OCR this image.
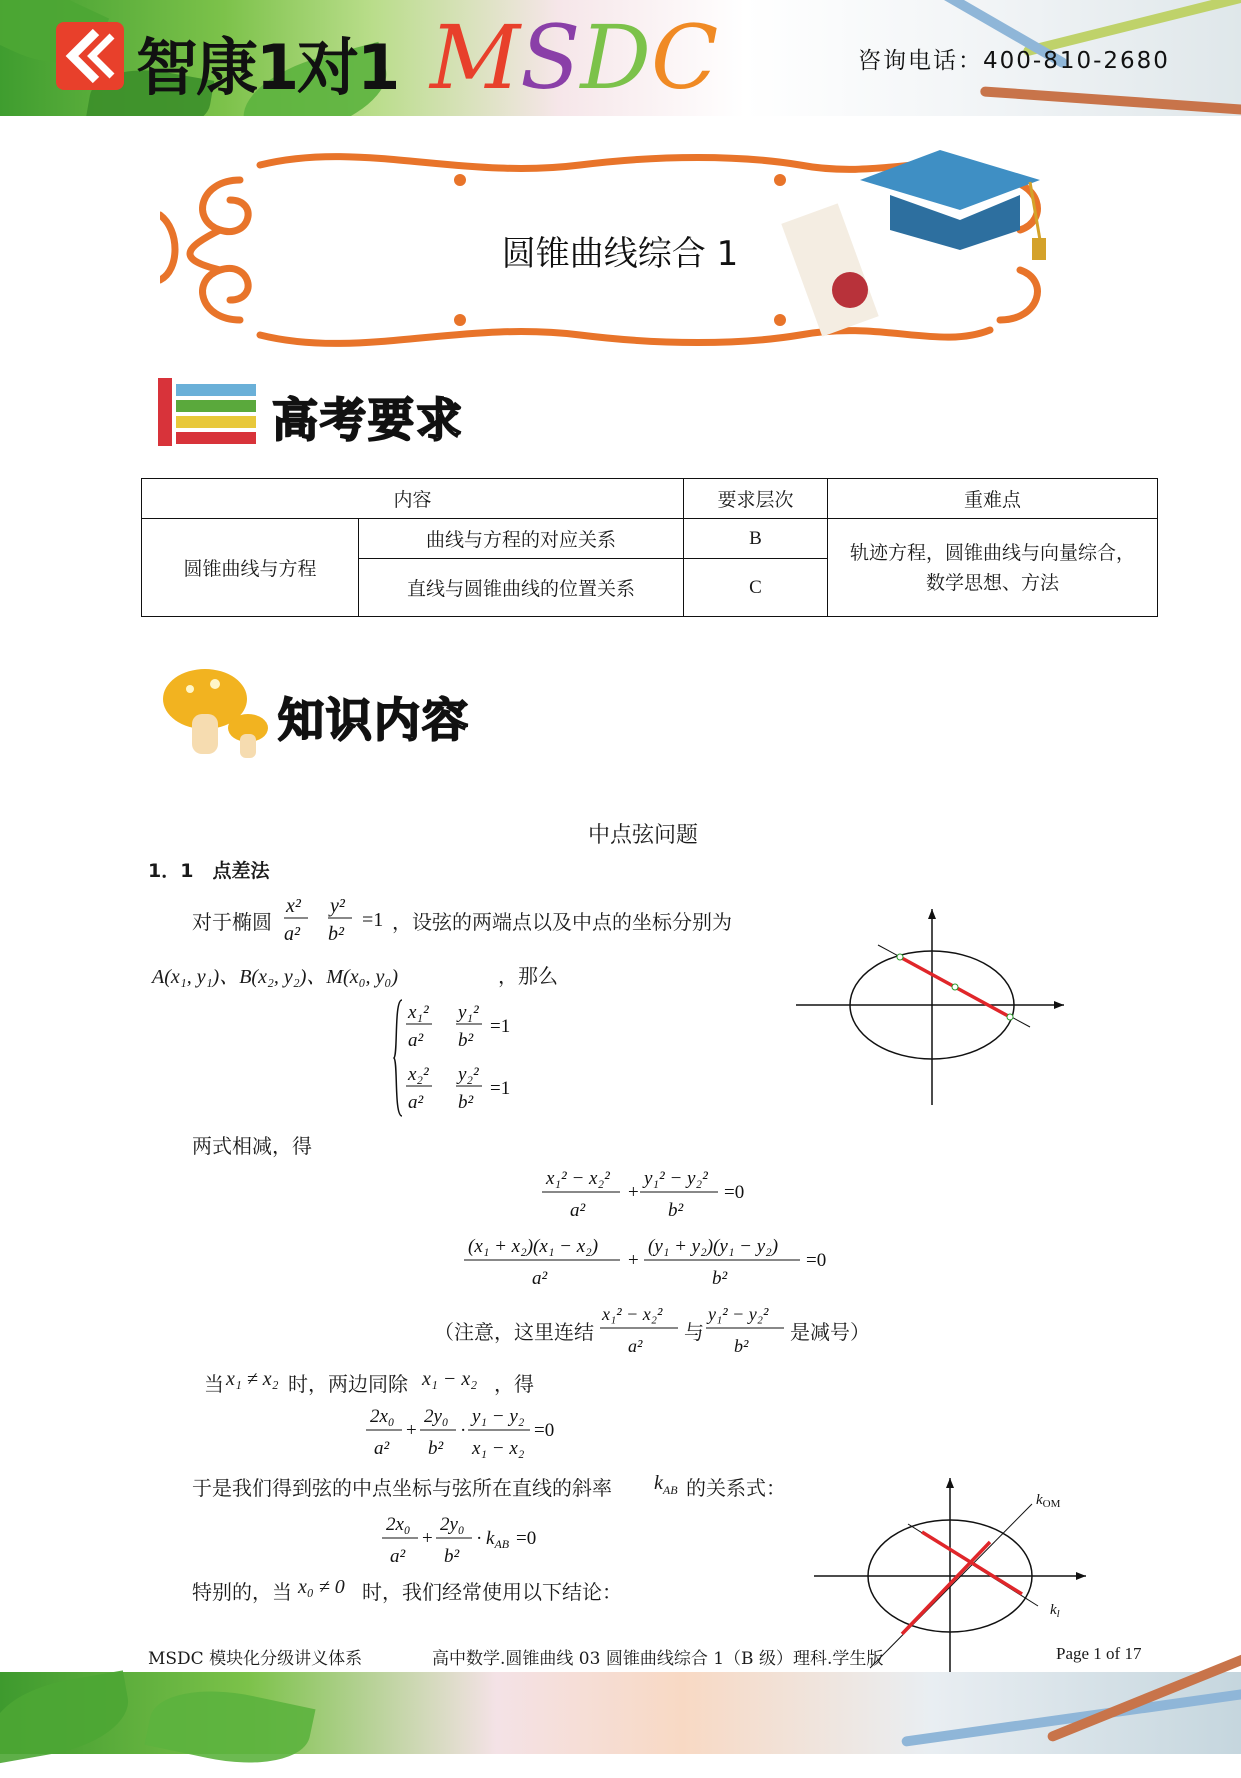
智康1对1 MSDC	咨询电话：400-810-2680
圆锥曲线综合 1
高考要求
内容		要求层次	重难点
圆锥曲线与方程	曲线与方程的对应关系	B	轨迹方程，圆锥曲线与向量综合，
数学思想、方法

	直线与圆锥曲线的位置关系	C	
知识内容
中点弦问题
1．1　点差法
对于椭圆
x²
a²
y²
b²
=1 ，设弦的两端点以及中点的坐标分别为
A(x₁, y₁)、B(x₂, y₂)、M(x₀, y₀)	，那么
x₁²
a²
y₁²
b²
=1
x₂²
a²
y₂²
b²
=1
两式相减，得
x₁² − x₂²
a²
+
y₁² − y₂²
b²
=0
(x₁ + x₂)(x₁ − x₂)
a²
+
(y₁ + y₂)(y₁ − y₂)
b²
=0
（注意，这里连结
x₁² − x₂²
a²
与
y₁² − y₂²
b²
是减号）
当 x₁ ≠ x₂ 时，两边同除 x₁ − x₂ ，得
2x₀
a²
+
2y₀
b²
·
y₁ − y₂
x₁ − x₂
=0
于是我们得到弦的中点坐标与弦所在直线的斜率 $k_{AB}$ 的关系式：
2x₀
a²
+
2y₀
b²
· $k_{AB} =0$
特别的，当 x₀ ≠ 0 时，我们经常使用以下结论：
$k_{OM}$
$k_l$
MSDC 模块化分级讲义体系	高中数学.圆锥曲线 03 圆锥曲线综合 1（B 级）理科.学生版	Page 1 of 17
